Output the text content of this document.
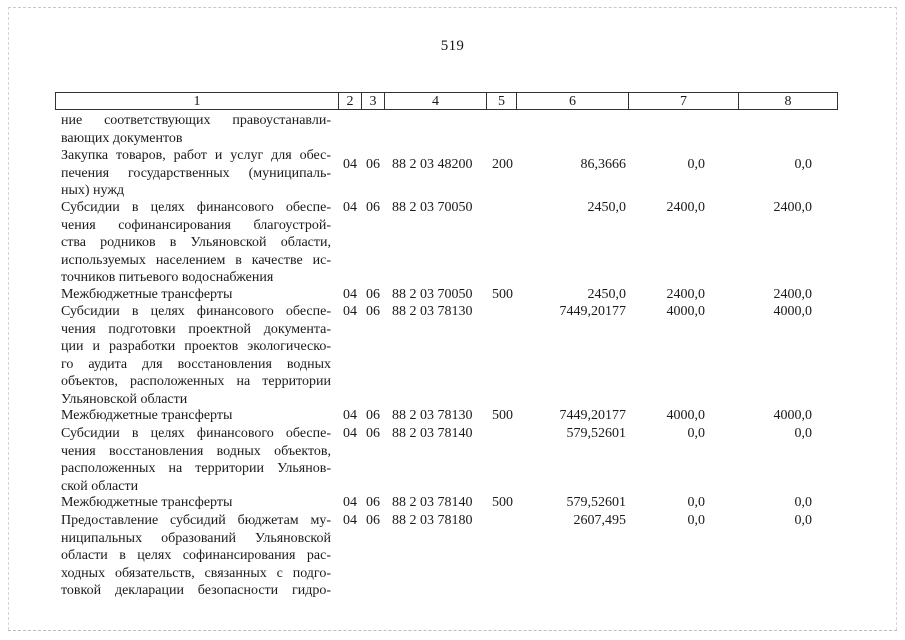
519
1	2	3	4	5	6	7	8
ние соответствующих правоустанавли-
вающих документов
Закупка товаров, работ и услуг для обес-
печения государственных (муниципаль-
ных) нужд
04 06 88 2 03 48200 200	86,3666	0,0	0,0
Субсидии в целях финансового обеспе-
чения софинансирования благоустрой-
ства родников в Ульяновской области,
используемых населением в качестве ис-
точников питьевого водоснабжения
04 06 88 2 03 70050	2450,0	2400,0	2400,0
Межбюджетные трансферты	04 06 88 2 03 70050 500	2450,0	2400,0	2400,0
Субсидии в целях финансового обеспе-
чения подготовки проектной документа-
ции и разработки проектов экологическо-
го аудита для восстановления водных
объектов, расположенных на территории
Ульяновской области
04 06 88 2 03 78130	7449,20177	4000,0	4000,0
Межбюджетные трансферты	04 06 88 2 03 78130 500	7449,20177	4000,0	4000,0
Субсидии в целях финансового обеспе-
чения восстановления водных объектов,
расположенных на территории Ульянов-
ской области
04 06 88 2 03 78140	579,52601	0,0	0,0
Межбюджетные трансферты	04 06 88 2 03 78140 500	579,52601	0,0	0,0
Предоставление субсидий бюджетам му-
ниципальных образований Ульяновской
области в целях софинансирования рас-
ходных обязательств, связанных с подго-
товкой декларации безопасности гидро-
04 06 88 2 03 78180	2607,495	0,0	0,0
